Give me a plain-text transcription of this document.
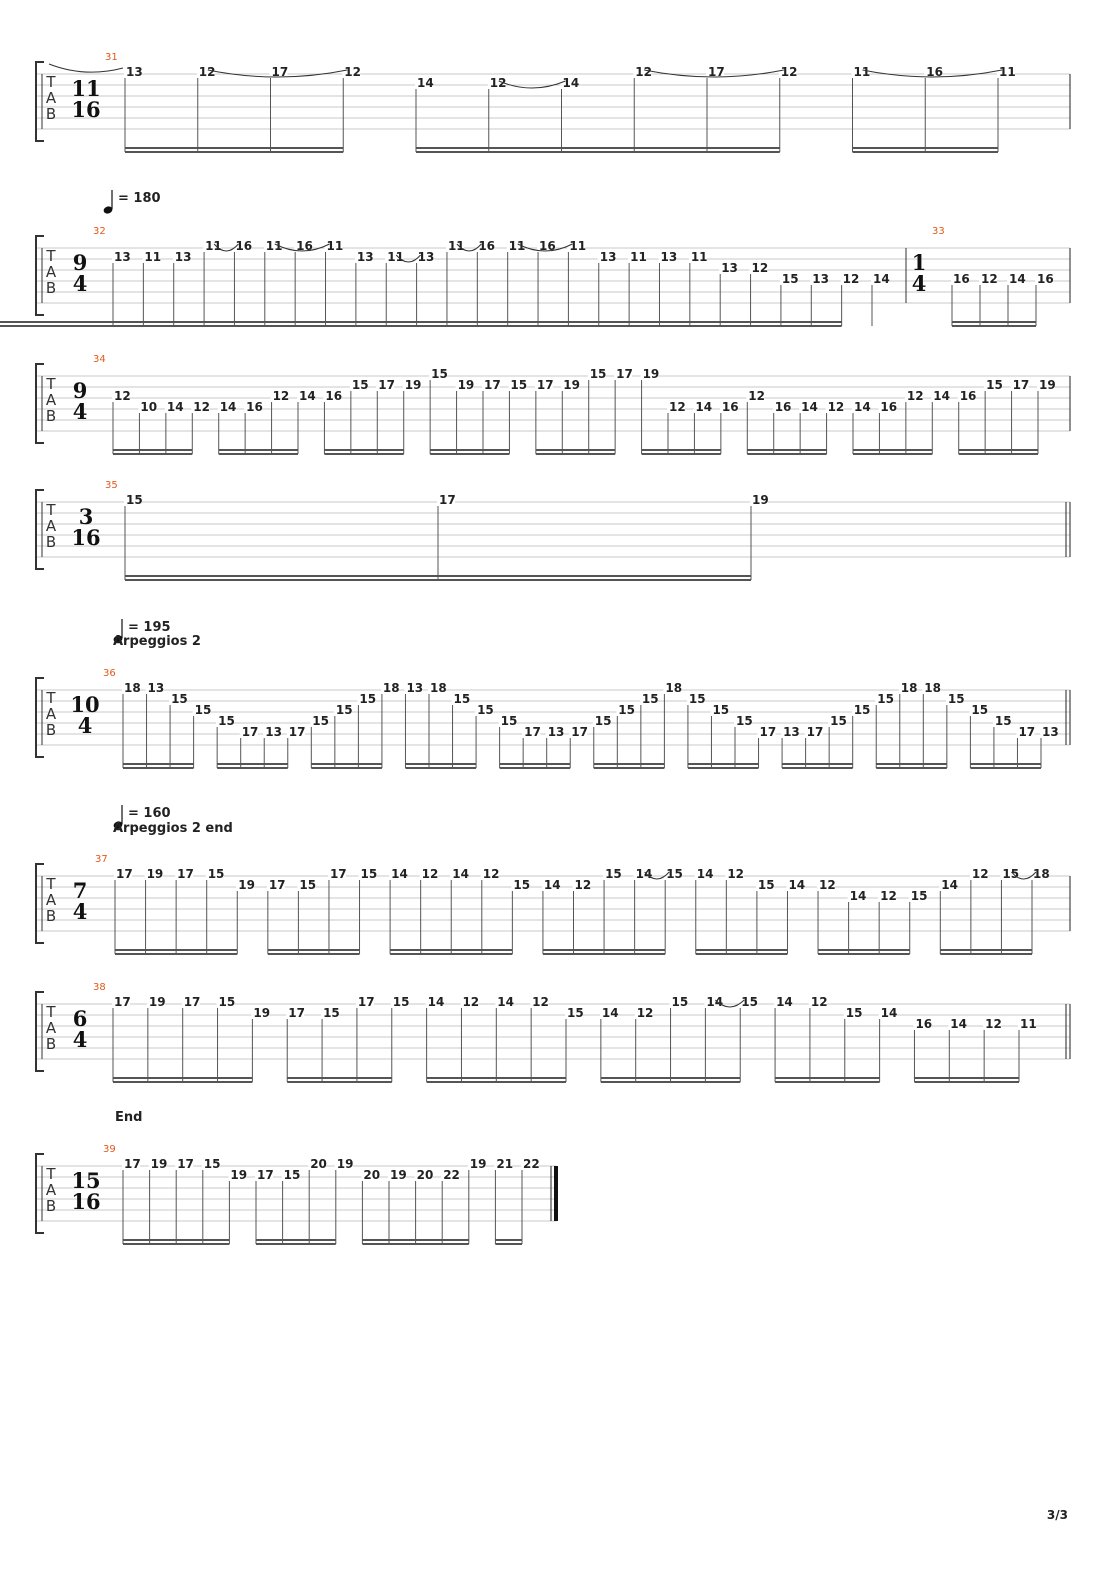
T
A
B
31
11
16
13	12	17	12
14	12	14
12	17	12	11	16	11
T
A
B
= 180
32
9
4
13 11 13
11 16 11 16 11
13 11 13
11 16 11 16 11
13 11 13 11
13 12
15 13 12 14
33
1
4 16 12 14 16
T
A
B
34
9
4
12
10 14 12 14 16
12 14 16
15 17 19
15
19 17 15 17 19
15 17 19
12 14 16
12
16 14 12 14 16
12 14 16
15 17 19
T
A
B
35
3
16
15	17	19
T
A
B
= 195
Arpeggios 2
36
10
4
18 13
15
15
15
17 13 17
15
15
15
18 13 18
15
15
15
17 13 17
15
15
15
18
15
15
15
17 13 17
15
15
15
18 18
15
15
15
17 13
T
A
B
= 160
Arpeggios 2 end
37
7
4
17 19 17 15
19 17 15
17 15 14 12 14 12
15 14 12
15 14 15 14 12
15 14 12
14 12 15
14
12 15 18
T
A
B
38
6
4
17 19 17 15
19 17 15
17 15 14 12 14 12
15 14 12
15 14 15 14 12
15 14
16 14 12 11
T
A
B
End
39
15
16
17 19 17 15
19 17 15
20 19
20 19 20 22
19 21 22
3/3
